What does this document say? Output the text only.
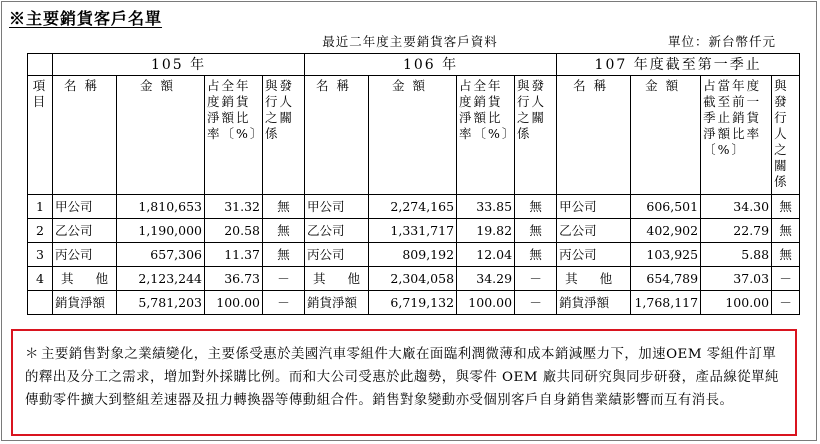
※主要銷貨客戶名單
最近二年度主要銷貨客戶資料	單位：新台幣仟元
	105 年				106 年				107 年度截至第一季止			
項目	名稱	金額	占全年度銷貨淨額比率〔%〕	與發行人之關係	名稱	金額	占全年度銷貨淨額比率〔%〕	與發行人之關係	名稱	金額	占當年度截至前一季止銷貨淨額比率〔%〕	與發行人之關係
1	甲公司	1,810,653	31.32	無	甲公司	2,274,165	33.85	無	甲公司	606,501	34.30	無
2	乙公司	1,190,000	20.58	無	乙公司	1,331,717	19.82	無	乙公司	402,902	22.79	無
3	丙公司	657,306	11.37	無	丙公司	809,192	12.04	無	丙公司	103,925	5.88	無
4	其他	2,123,244	36.73	－	其他	2,304,058	34.29	－	其他	654,789	37.03	－
	銷貨淨額	5,781,203	100.00	－	銷貨淨額	6,719,132	100.00	－	銷貨淨額	1,768,117	100.00	－
＊ 主要銷售對象之業績變化，主要係受惠於美國汽車零組件大廠在面臨利潤微薄和成本銷減壓力下，加速OEM 零組件訂單的釋出及分工之需求，增加對外採購比例。而和大公司受惠於此趨勢，與零件 OEM 廠共同研究與同步研發，產品線從單純傳動零件擴大到整組差速器及扭力轉換器等傳動組合件。銷售對象變動亦受個別客戶自身銷售業績影響而互有消長。
